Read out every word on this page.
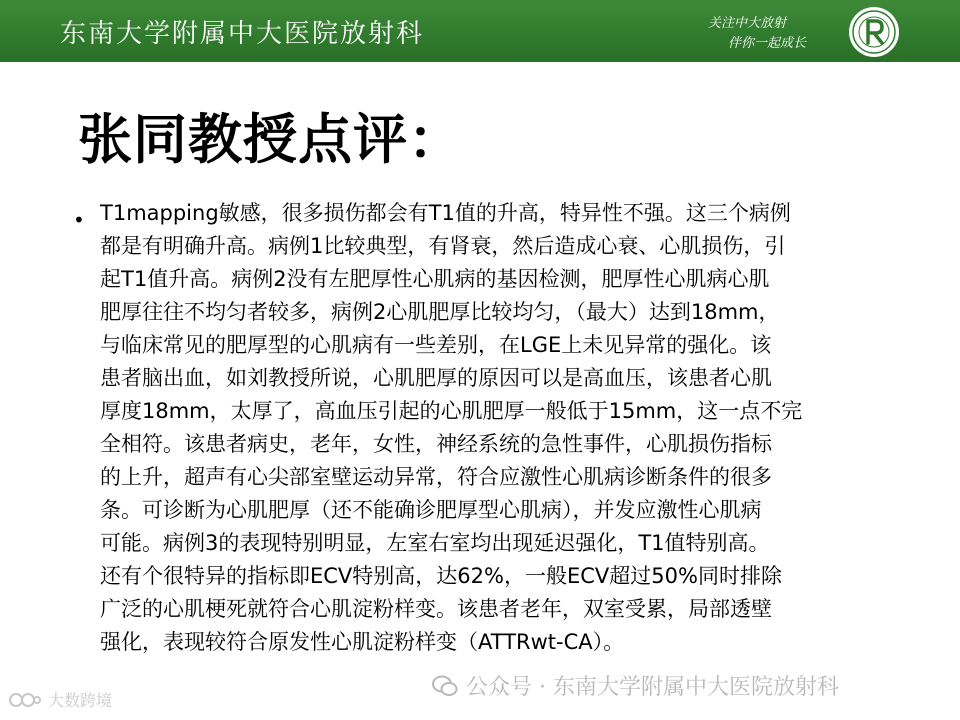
东南大学附属中大医院放射科	关注中大放射
伴你一起成长
张同教授点评：
• T1mapping敏感，很多损伤都会有T1值的升高，特异性不强。这三个病例
都是有明确升高。病例1比较典型，有肾衰，然后造成心衰、心肌损伤，引
起T1值升高。病例2没有左肥厚性心肌病的基因检测，肥厚性心肌病心肌
肥厚往往不均匀者较多，病例2心肌肥厚比较均匀，（最大）达到18mm，
与临床常见的肥厚型的心肌病有一些差别，在LGE上未见异常的强化。该
患者脑出血，如刘教授所说，心肌肥厚的原因可以是高血压，该患者心肌
厚度18mm，太厚了，高血压引起的心肌肥厚一般低于15mm，这一点不完
全相符。该患者病史，老年，女性，神经系统的急性事件，心肌损伤指标
的上升，超声有心尖部室壁运动异常，符合应激性心肌病诊断条件的很多
条。可诊断为心肌肥厚（还不能确诊肥厚型心肌病），并发应激性心肌病
可能。病例3的表现特别明显，左室右室均出现延迟强化，T1值特别高。
还有个很特异的指标即ECV特别高，达62%，一般ECV超过50%同时排除
广泛的心肌梗死就符合心肌淀粉样变。该患者老年，双室受累，局部透壁
强化，表现较符合原发性心肌淀粉样变（ATTRwt-CA）。
公众号 · 东南大学附属中大医院放射科
大数跨境
